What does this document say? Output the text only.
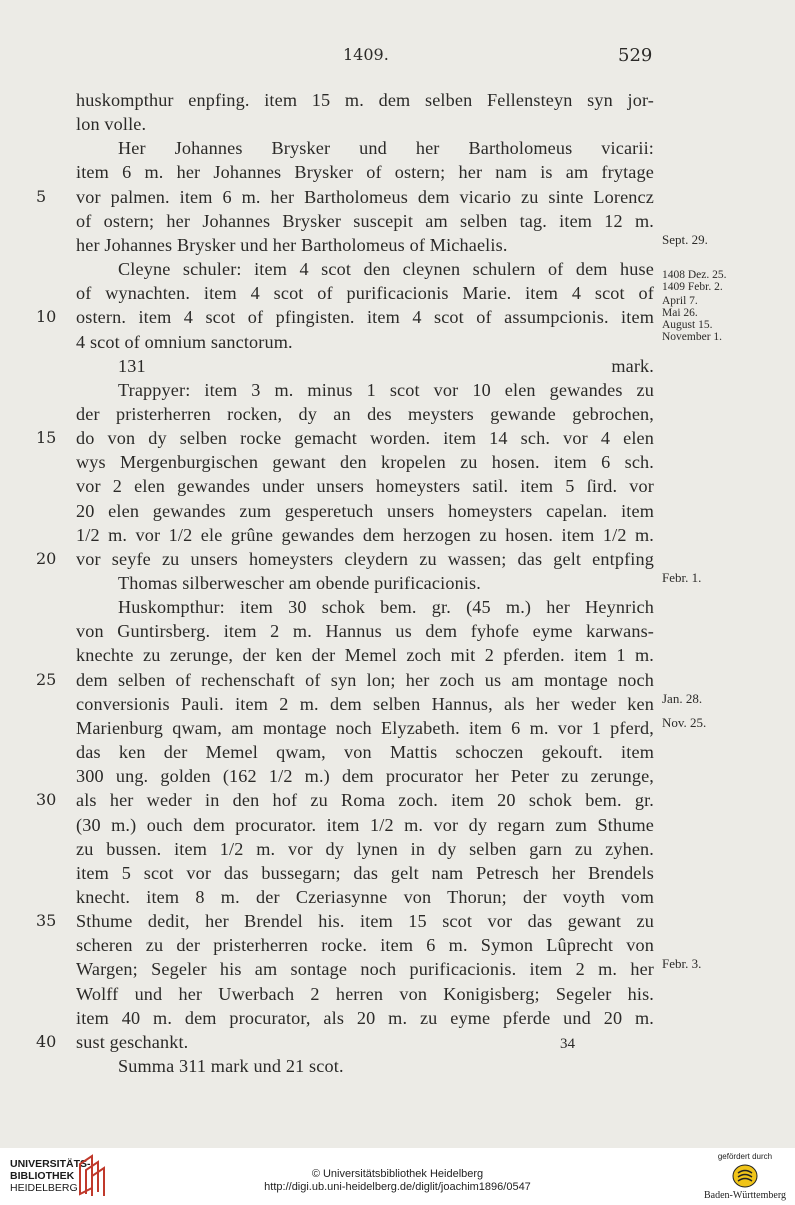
1409.	529
huskompthur enpfing. item 15 m. dem selben Fellensteyn syn jor-
lon volle.
Her Johannes Brysker und her Bartholomeus vicarii:
item 6 m. her Johannes Brysker of ostern; her nam is am frytage
5	vor palmen. item 6 m. her Bartholomeus dem vicario zu sinte Lorencz
of ostern; her Johannes Brysker suscepit am selben tag. item 12 m.
her Johannes Brysker und her Bartholomeus of Michaelis.	Sept. 29.
Cleyne schuler: item 4 scot den cleynen schulern of dem huse
of wynachten. item 4 scot of purificacionis Marie. item 4 scot of
10	ostern. item 4 scot of pfingisten. item 4 scot of assumpcionis. item
4 scot of omnium sanctorum.
131 mark.
Trappyer: item 3 m. minus 1 scot vor 10 elen gewandes zu
der pristerherren rocken, dy an des meysters gewande gebrochen,
15	do von dy selben rocke gemacht worden. item 14 sch. vor 4 elen
wys Mergenburgischen gewant den kropelen zu hosen. item 6 sch.
vor 2 elen gewandes under unsers homeysters satil. item 5 ſird. vor
20 elen gewandes zum gesperetuch unsers homeysters capelan. item
1/2 m. vor 1/2 ele grûne gewandes dem herzogen zu hosen. item 1/2 m.
20	vor seyfe zu unsers homeysters cleydern zu wassen; das gelt entpfing
Thomas silberwescher am obende purificacionis.	Febr. 1.
Huskompthur: item 30 schok bem. gr. (45 m.) her Heynrich
von Guntirsberg. item 2 m. Hannus us dem fyhofe eyme karwans-
knechte zu zerunge, der ken der Memel zoch mit 2 pferden. item 1 m.
25	dem selben of rechenschaft of syn lon; her zoch us am montage noch
conversionis Pauli. item 2 m. dem selben Hannus, als her weder ken Jan. 28.
Marienburg qwam, am montage noch Elyzabeth. item 6 m. vor 1 pferd, Nov. 25.
das ken der Memel qwam, von Mattis schoczen gekouft. item
300 ung. golden (162 1/2 m.) dem procurator her Peter zu zerunge,
30	als her weder in den hof zu Roma zoch. item 20 schok bem. gr.
(30 m.) ouch dem procurator. item 1/2 m. vor dy regarn zum Sthume
zu bussen. item 1/2 m. vor dy lynen in dy selben garn zu zyhen.
item 5 scot vor das bussegarn; das gelt nam Petresch her Brendels
knecht. item 8 m. der Czeriasynne von Thorun; der voyth vom
35	Sthume dedit, her Brendel his. item 15 scot vor das gewant zu
scheren zu der pristerherren rocke. item 6 m. Symon Lûprecht von
Wargen; Segeler his am sontage noch purificacionis. item 2 m. her Febr. 3.
Wolff und her Uwerbach 2 herren von Konigisberg; Segeler his.
item 40 m. dem procurator, als 20 m. zu eyme pferde und 20 m.
40	sust geschankt.
Summa 311 mark und 21 scot.
1408 Dez. 25.
1409 Febr. 2.
April 7.
Mai 26.
August 15.
November 1.
34
UNIVERSITÄTS-
BIBLIOTHEK
HEIDELBERG
© Universitätsbibliothek Heidelberg
http://digi.ub.uni-heidelberg.de/diglit/joachim1896/0547
gefördert durch
Baden-Württemberg
